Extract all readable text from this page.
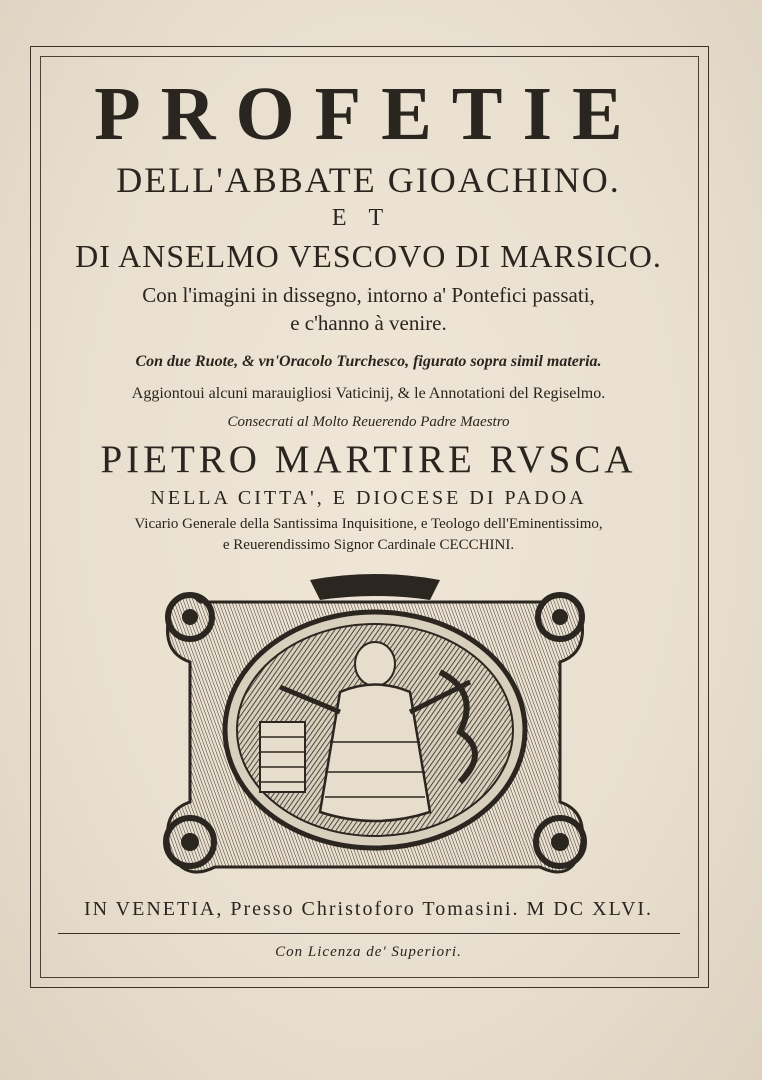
PROFETIE
DELL'ABBATE GIOACHINO.
ET
DI ANSELMO VESCOVO DI MARSICO.
Con l'imagini in dissegno, intorno a' Pontefici passati,
e c'hanno à venire.
Con due Ruote, & vn'Oracolo Turchesco, figurato sopra simil materia.
Aggiontoui alcuni marauigliosi Vaticinij, & le Annotationi del Regiselmo.
Consecrati al Molto Reuerendo Padre Maestro
PIETRO MARTIRE RVSCA
NELLA CITTA', E DIOCESE DI PADOA
Vicario Generale della Santissima Inquisitione, e Teologo dell'Eminentissimo,
e Reuerendissimo Signor Cardinale CECCHINI.
IN VENETIA, Presso Christoforo Tomasini. M DC XLVI.
Con Licenza de' Superiori.
